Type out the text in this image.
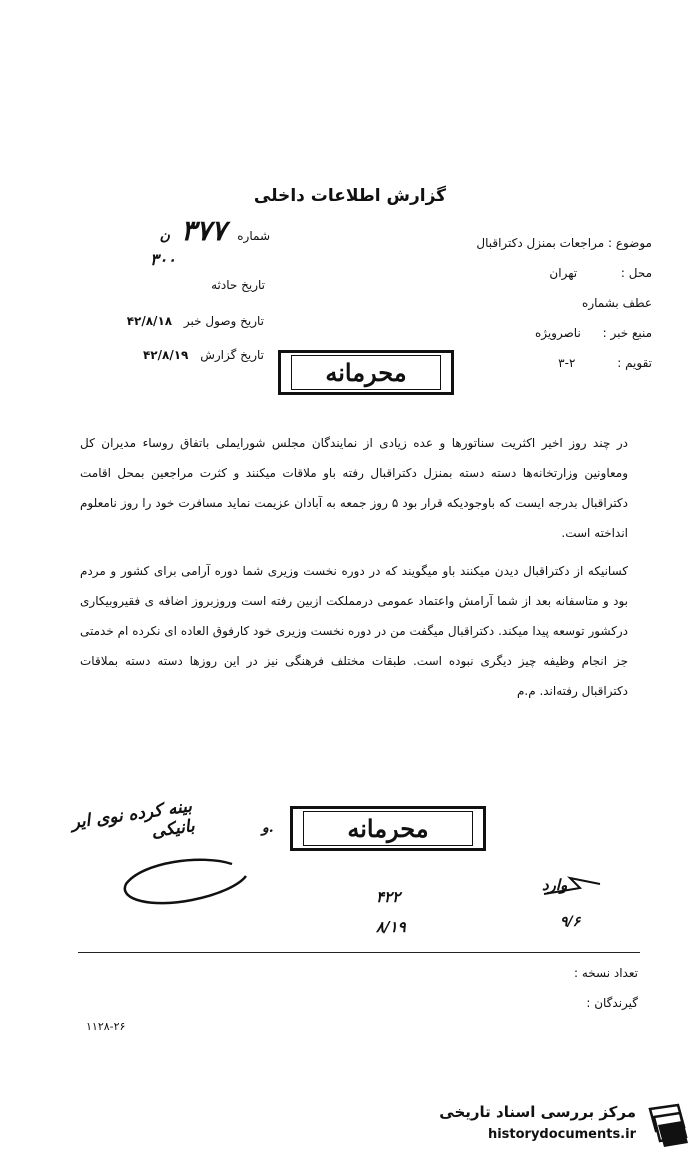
گزارش اطلاعات داخلی
موضوع : مراجعات بمنزل دکتراقبال
محل : تهران
عطف بشماره
منبع خبر : ناصرویژه
تقویم : ۲-۳
شماره ۳۷۷ ن
۳۰۰
تاریخ حادثه
تاریخ وصول خبر ۴۲/۸/۱۸
تاریخ گزارش ۴۲/۸/۱۹
محرمانه

در چند روز اخیر اکثریت سناتورها و عده زیادی از نمایندگان مجلس شورایملی باتفاق روساء مدیران کل ومعاونین وزارتخانه‌ها دسته دسته بمنزل دکتراقبال رفته باو ملاقات میکنند و کثرت مراجعین بمحل اقامت دکتراقبال بدرجه ایست که باوجودیکه قرار بود ۵ روز جمعه به آبادان عزیمت نماید مسافرت خود را روز نامعلوم انداخته است.

کسانیکه از دکتراقبال دیدن میکنند باو میگویند که در دوره نخست وزیری شما دوره آرامی برای کشور و مردم بود و متاسفانه بعد از شما آرامش واعتماد عمومی درمملکت ازبین رفته است وروزبروز اضافه ی فقیروبیکاری درکشور توسعه پیدا میکند. دکتراقبال میگفت من در دوره نخست وزیری خود کارفوق العاده ای نکرده ام خدمتی جز انجام وظیفه چیز دیگری نبوده است. طبقات مختلف فرهنگی نیز در این روزها دسته دسته بملاقات دکتراقبال رفته‌اند. م.م

بینه کرده نوی ایر بانیکی	و.	محرمانه
وارد
۴۲۲
۸/۱۹	۹/۶
تعداد نسخه :
گیرندگان :
۱۱۲۸-۲۶
مرکز بررسی اسناد تاریخی
historydocuments.ir
